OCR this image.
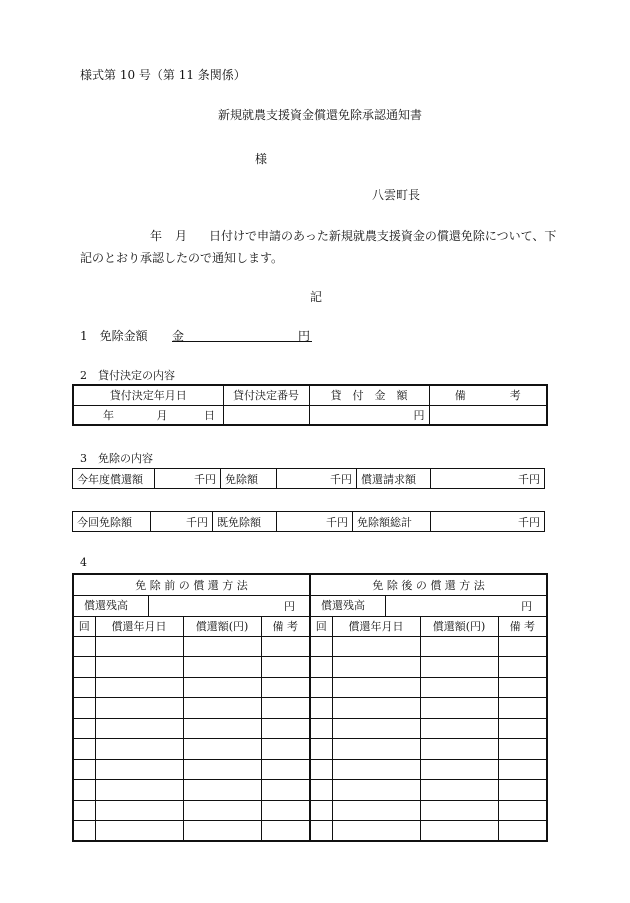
様式第 10 号（第 11 条関係）
新規就農支援資金償還免除承認通知書
様
八雲町長
年 月 日付けで申請のあった新規就農支援資金の償還免除について、下
記のとおり承認したので通知します。
記
1　免除金額 金	円
2　貸付決定の内容
貸付決定年月日	貸付決定番号	貸　付　金　額	備　　　　考
年 月 日		円	
3　免除の内容
今年度償還額	千円	免除額	千円	償還請求額	千円
今回免除額	千円	既免除額	千円	免除額総計	千円
4
免 除 前 の 償 還 方 法				免 除 後 の 償 還 方 法			

償還残高 円				償還残高 円			

回	償還年月日	償還額(円)	備 考	回	償還年月日	償還額(円)	備 考
